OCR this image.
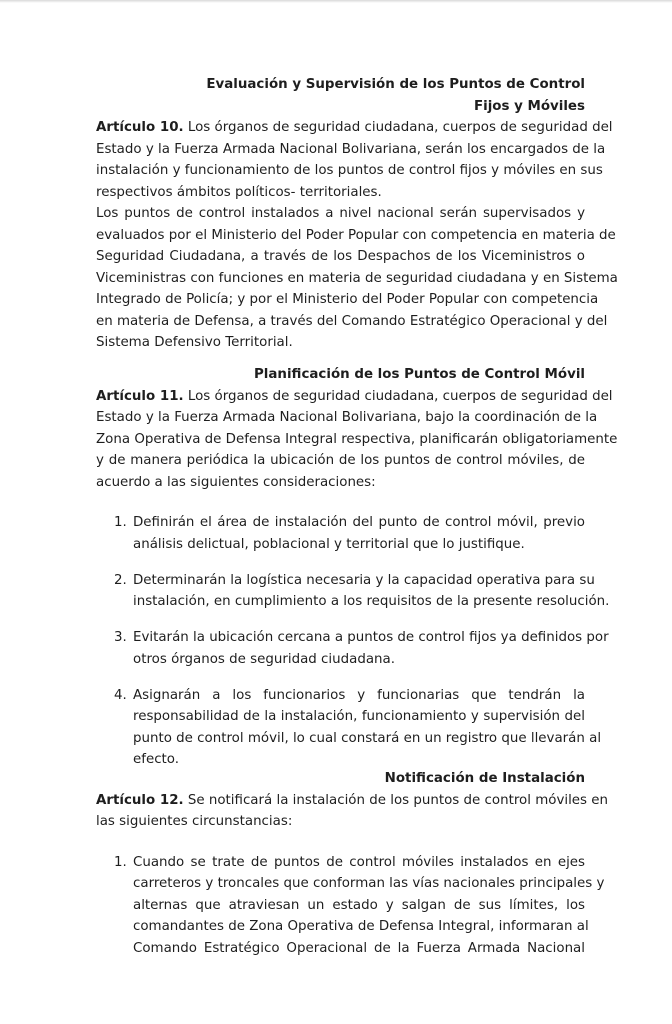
Evaluación y Supervisión de los Puntos de Control
Fijos y Móviles
Artículo 10. Los órganos de seguridad ciudadana, cuerpos de seguridad del
Estado y la Fuerza Armada Nacional Bolivariana, serán los encargados de la
instalación y funcionamiento de los puntos de control fijos y móviles en sus
respectivos ámbitos políticos- territoriales.
Los puntos de control instalados a nivel nacional serán supervisados y
evaluados por el Ministerio del Poder Popular con competencia en materia de
Seguridad Ciudadana, a través de los Despachos de los Viceministros o
Viceministras con funciones en materia de seguridad ciudadana y en Sistema
Integrado de Policía; y por el Ministerio del Poder Popular con competencia
en materia de Defensa, a través del Comando Estratégico Operacional y del
Sistema Defensivo Territorial.
Planificación de los Puntos de Control Móvil
Artículo 11. Los órganos de seguridad ciudadana, cuerpos de seguridad del
Estado y la Fuerza Armada Nacional Bolivariana, bajo la coordinación de la
Zona Operativa de Defensa Integral respectiva, planificarán obligatoriamente
y de manera periódica la ubicación de los puntos de control móviles, de
acuerdo a las siguientes consideraciones:
1. Definirán el área de instalación del punto de control móvil, previo
análisis delictual, poblacional y territorial que lo justifique.
2. Determinarán la logística necesaria y la capacidad operativa para su
instalación, en cumplimiento a los requisitos de la presente resolución.
3. Evitarán la ubicación cercana a puntos de control fijos ya definidos por
otros órganos de seguridad ciudadana.
4. Asignarán a los funcionarios y funcionarias que tendrán la
responsabilidad de la instalación, funcionamiento y supervisión del
punto de control móvil, lo cual constará en un registro que llevarán al
efecto.
Notificación de Instalación
Artículo 12. Se notificará la instalación de los puntos de control móviles en
las siguientes circunstancias:
1. Cuando se trate de puntos de control móviles instalados en ejes
carreteros y troncales que conforman las vías nacionales principales y
alternas que atraviesan un estado y salgan de sus límites, los
comandantes de Zona Operativa de Defensa Integral, informaran al
Comando Estratégico Operacional de la Fuerza Armada Nacional
